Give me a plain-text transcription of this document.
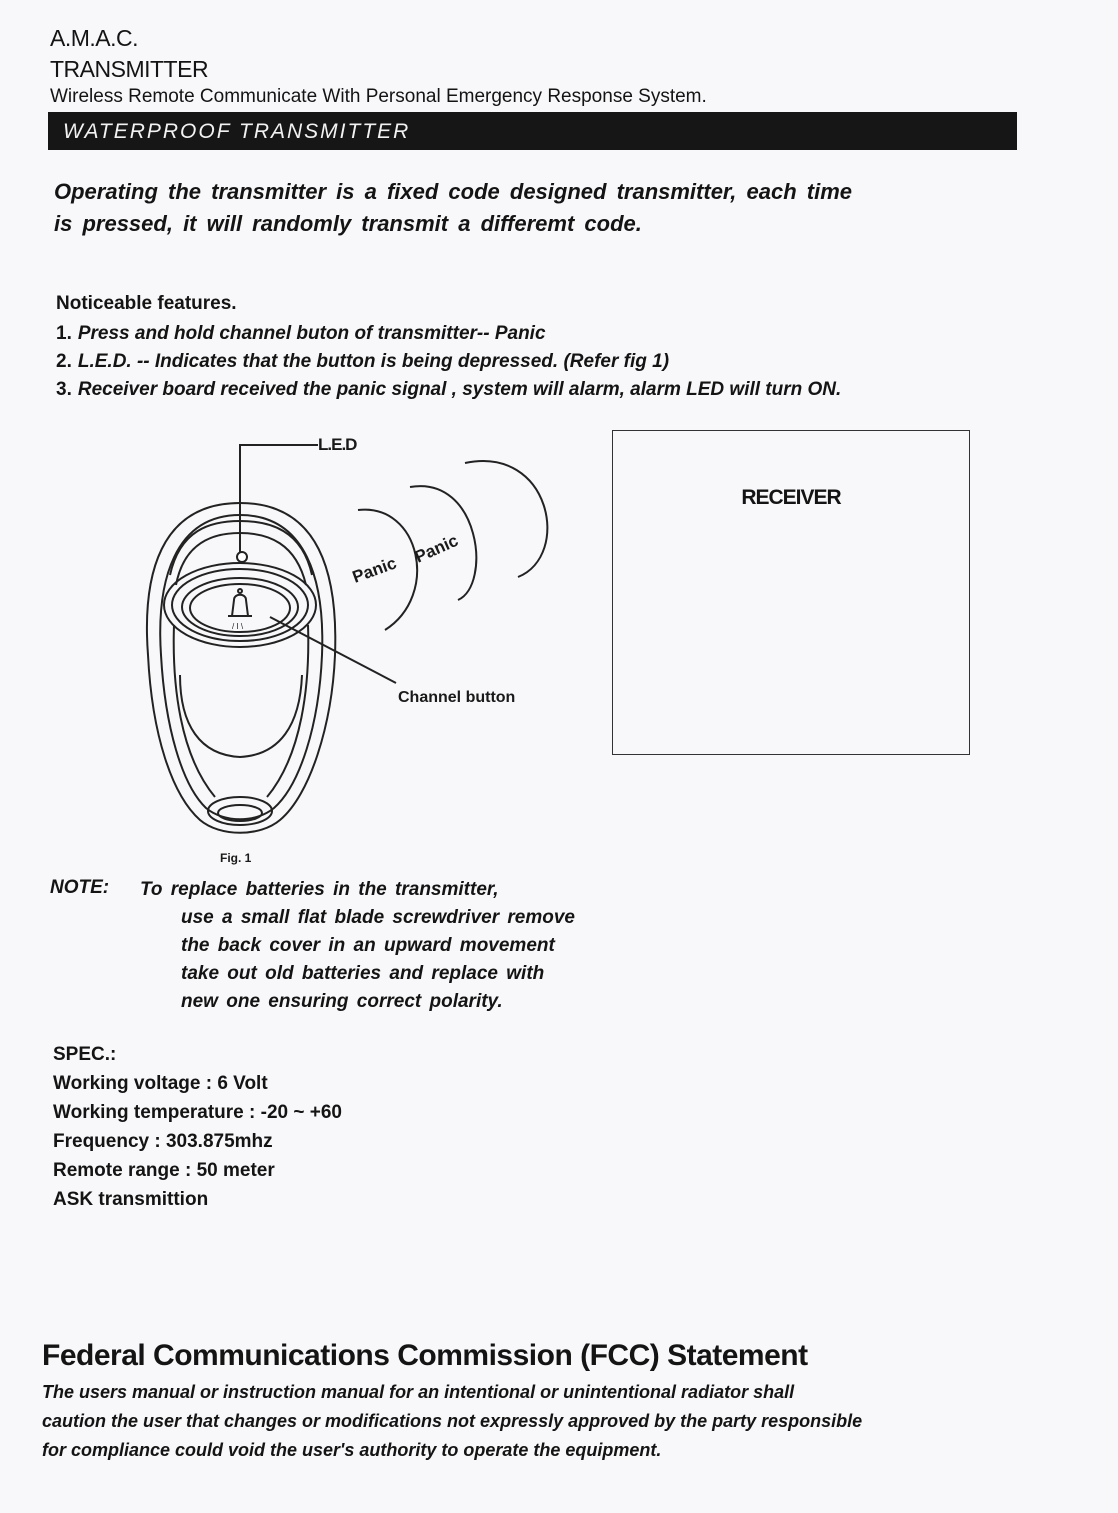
A.M.A.C.
TRANSMITTER
Wireless Remote Communicate With Personal Emergency Response System.
WATERPROOF TRANSMITTER
Operating the transmitter is a fixed code designed transmitter, each time
is pressed, it will randomly transmit a differemt code.
Noticeable features.
1. Press and hold channel buton of transmitter-- Panic
2. L.E.D. -- Indicates that the button is being depressed. (Refer fig 1)
3. Receiver board received the panic signal , system will alarm, alarm LED will turn ON.
/ I \
L.E.D
Panic
Panic
Channel button
Fig. 1
RECEIVER
NOTE: To replace batteries in the transmitter,
use a small flat blade screwdriver remove
the back cover in an upward movement
take out old batteries and replace with
new one ensuring correct polarity.
SPEC.:
Working voltage : 6 Volt
Working temperature : -20 ~ +60
Frequency : 303.875mhz
Remote range : 50 meter
ASK transmittion
Federal Communications Commission (FCC) Statement
The users manual or instruction manual for an intentional or unintentional radiator shall
caution the user that changes or modifications not expressly approved by the party responsible
for compliance could void the user's authority to operate the equipment.
